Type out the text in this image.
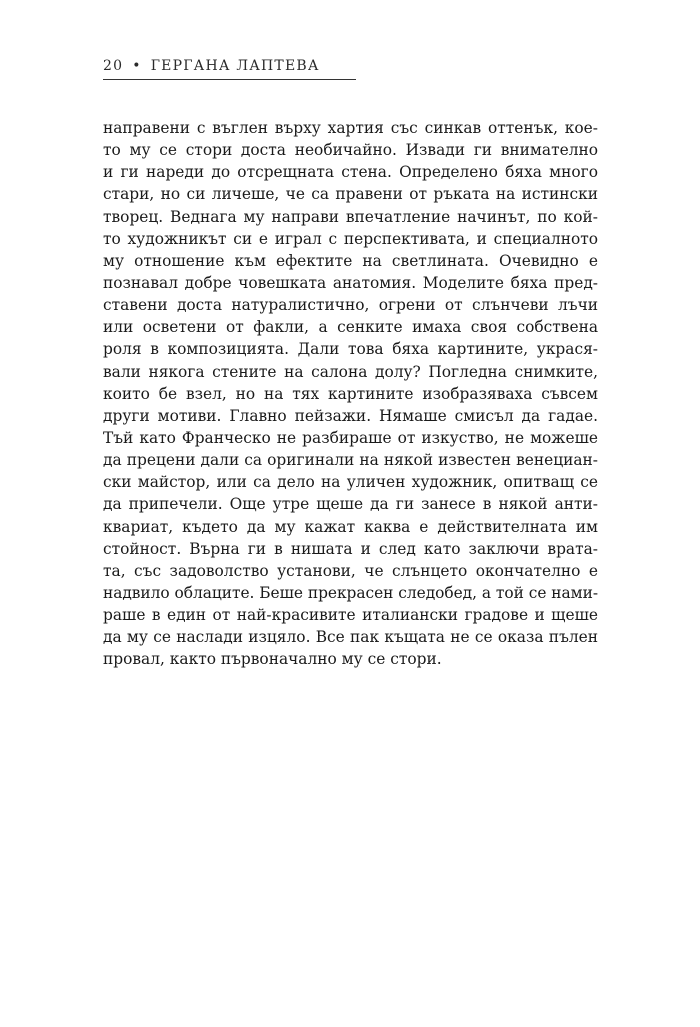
20 • ГЕРГАНА ЛАПТЕВА
направени с въглен върху хартия със синкав оттенък, кое-
то му се стори доста необичайно. Извади ги внимателно
и ги нареди до отсрещната стена. Определено бяха много
стари, но си личеше, че са правени от ръката на истински
творец. Веднага му направи впечатление начинът, по кой-
то художникът си е играл с перспективата, и специалното
му отношение към ефектите на светлината. Очевидно е
познавал добре човешката анатомия. Моделите бяха пред-
ставени доста натуралистично, огрени от слънчеви лъчи
или осветени от факли, а сенките имаха своя собствена
роля в композицията. Дали това бяха картините, украся-
вали някога стените на салона долу? Погледна снимките,
които бе взел, но на тях картините изобразяваха съвсем
други мотиви. Главно пейзажи. Нямаше смисъл да гадае.
Тъй като Франческо не разбираше от изкуство, не можеше
да прецени дали са оригинали на някой известен венециан-
ски майстор, или са дело на уличен художник, опитващ се
да припечели. Още утре щеше да ги занесе в някой анти-
квариат, където да му кажат каква е действителната им
стойност. Върна ги в нишата и след като заключи врата-
та, със задоволство установи, че слънцето окончателно е
надвило облаците. Беше прекрасен следобед, а той се нами-
раше в един от най-красивите италиански градове и щеше
да му се наслади изцяло. Все пак къщата не се оказа пълен
провал, както първоначално му се стори.
